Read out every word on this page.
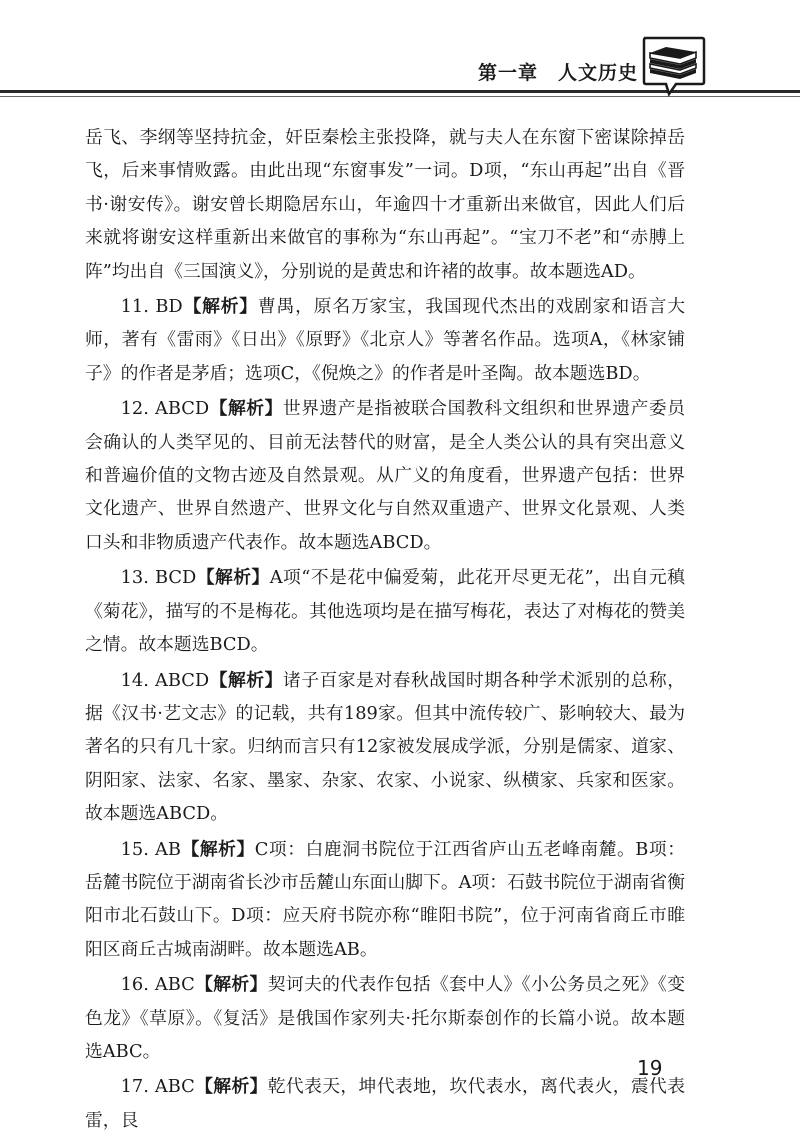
第一章　人文历史

岳飞、李纲等坚持抗金，奸臣秦桧主张投降，就与夫人在东窗下密谋除掉岳飞，后来事情败露。由此出现“东窗事发”一词。D项，“东山再起”出自《晋书·谢安传》。谢安曾长期隐居东山，年逾四十才重新出来做官，因此人们后来就将谢安这样重新出来做官的事称为“东山再起”。“宝刀不老”和“赤膊上阵”均出自《三国演义》，分别说的是黄忠和许褚的故事。故本题选AD。

11. BD【解析】曹禺，原名万家宝，我国现代杰出的戏剧家和语言大师，著有《雷雨》《日出》《原野》《北京人》等著名作品。选项A，《林家铺子》的作者是茅盾；选项C，《倪焕之》的作者是叶圣陶。故本题选BD。

12. ABCD【解析】世界遗产是指被联合国教科文组织和世界遗产委员会确认的人类罕见的、目前无法替代的财富，是全人类公认的具有突出意义和普遍价值的文物古迹及自然景观。从广义的角度看，世界遗产包括：世界文化遗产、世界自然遗产、世界文化与自然双重遗产、世界文化景观、人类口头和非物质遗产代表作。故本题选ABCD。

13. BCD【解析】A项“不是花中偏爱菊，此花开尽更无花”，出自元稹《菊花》，描写的不是梅花。其他选项均是在描写梅花，表达了对梅花的赞美之情。故本题选BCD。

14. ABCD【解析】诸子百家是对春秋战国时期各种学术派别的总称，据《汉书·艺文志》的记载，共有189家。但其中流传较广、影响较大、最为著名的只有几十家。归纳而言只有12家被发展成学派，分别是儒家、道家、阴阳家、法家、名家、墨家、杂家、农家、小说家、纵横家、兵家和医家。故本题选ABCD。

15. AB【解析】C项：白鹿洞书院位于江西省庐山五老峰南麓。B项：岳麓书院位于湖南省长沙市岳麓山东面山脚下。A项：石鼓书院位于湖南省衡阳市北石鼓山下。D项：应天府书院亦称“睢阳书院”，位于河南省商丘市睢阳区商丘古城南湖畔。故本题选AB。

16. ABC【解析】契诃夫的代表作包括《套中人》《小公务员之死》《变色龙》《草原》。《复活》是俄国作家列夫·托尔斯泰创作的长篇小说。故本题选ABC。

17. ABC【解析】乾代表天，坤代表地，坎代表水，离代表火，震代表雷，艮

19
